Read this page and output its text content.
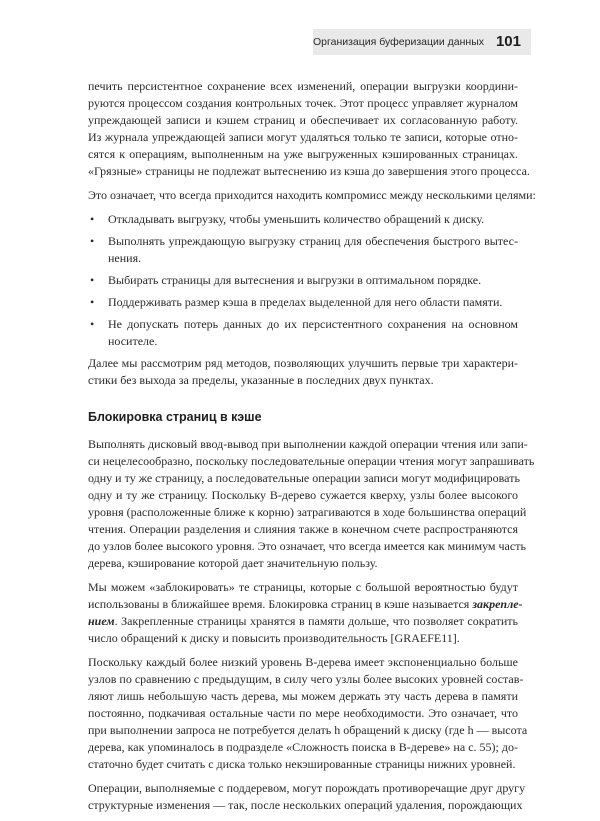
Организация буферизации данных 101
печить персистентное сохранение всех изменений, операции выгрузки координи-
руются процессом создания контрольных точек. Этот процесс управляет журналом
упреждающей записи и кэшем страниц и обеспечивает их согласованную работу.
Из журнала упреждающей записи могут удаляться только те записи, которые отно-
сятся к операциям, выполненным на уже выгруженных кэшированных страницах.
«Грязные» страницы не подлежат вытеснению из кэша до завершения этого процесса.
Это означает, что всегда приходится находить компромисс между несколькими целями:
• Откладывать выгрузку, чтобы уменьшить количество обращений к диску.
• Выполнять упреждающую выгрузку страниц для обеспечения быстрого вытес-
нения.
• Выбирать страницы для вытеснения и выгрузки в оптимальном порядке.
• Поддерживать размер кэша в пределах выделенной для него области памяти.
• Не допускать потерь данных до их персистентного сохранения на основном
носителе.
Далее мы рассмотрим ряд методов, позволяющих улучшить первые три характери-
стики без выхода за пределы, указанные в последних двух пунктах.
Блокировка страниц в кэше
Выполнять дисковый ввод-вывод при выполнении каждой операции чтения или запи-
си нецелесообразно, поскольку последовательные операции чтения могут запрашивать
одну и ту же страницу, а последовательные операции записи могут модифицировать
одну и ту же страницу. Поскольку B-дерево сужается кверху, узлы более высокого
уровня (расположенные ближе к корню) затрагиваются в ходе большинства операций
чтения. Операции разделения и слияния также в конечном счете распространяются
до узлов более высокого уровня. Это означает, что всегда имеется как минимум часть
дерева, кэширование которой дает значительную пользу.
Мы можем «заблокировать» те страницы, которые с большой вероятностью будут
использованы в ближайшее время. Блокировка страниц в кэше называется закрепле-
нием. Закрепленные страницы хранятся в памяти дольше, что позволяет сократить
число обращений к диску и повысить производительность [GRAEFE11].
Поскольку каждый более низкий уровень B-дерева имеет экспоненциально больше
узлов по сравнению с предыдущим, в силу чего узлы более высоких уровней состав-
ляют лишь небольшую часть дерева, мы можем держать эту часть дерева в памяти
постоянно, подкачивая остальные части по мере необходимости. Это означает, что
при выполнении запроса не потребуется делать h обращений к диску (где h — высота
дерева, как упоминалось в подразделе «Сложность поиска в B-дереве» на с. 55); до-
статочно будет считать с диска только некэшированные страницы нижних уровней.
Операции, выполняемые с поддеревом, могут порождать противоречащие друг другу
структурные изменения — так, после нескольких операций удаления, порождающих
